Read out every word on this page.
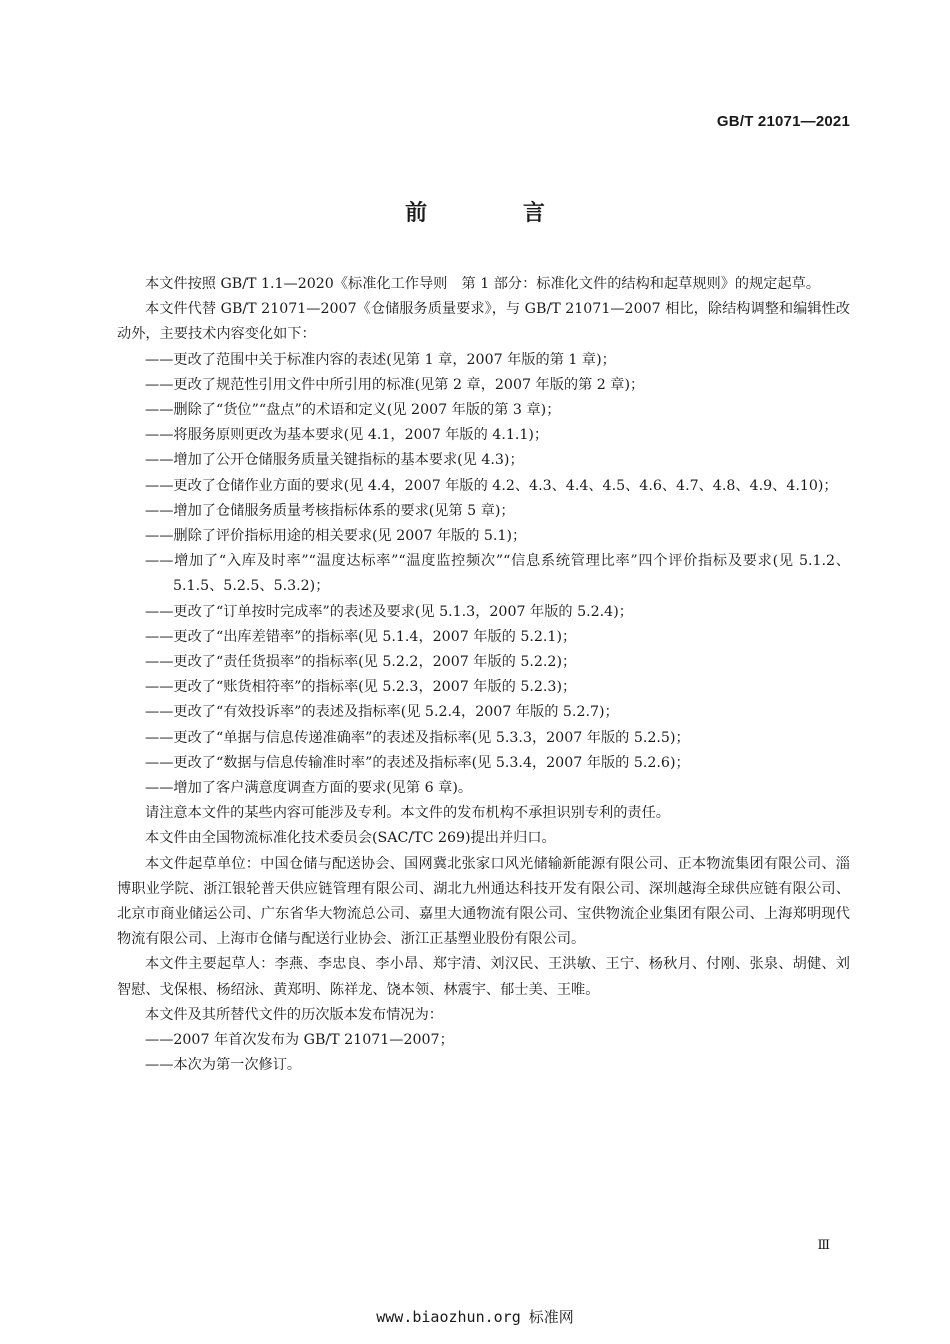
GB/T 21071—2021
前 言

本文件按照 GB/T 1.1—2020《标准化工作导则　第 1 部分：标准化文件的结构和起草规则》的规定起草。

本文件代替 GB/T 21071—2007《仓储服务质量要求》，与 GB/T 21071—2007 相比，除结构调整和编辑性改动外，主要技术内容变化如下：

——更改了范围中关于标准内容的表述(见第 1 章，2007 年版的第 1 章)；

——更改了规范性引用文件中所引用的标准(见第 2 章，2007 年版的第 2 章)；

——删除了“货位”“盘点”的术语和定义(见 2007 年版的第 3 章)；

——将服务原则更改为基本要求(见 4.1，2007 年版的 4.1.1)；

——增加了公开仓储服务质量关键指标的基本要求(见 4.3)；

——更改了仓储作业方面的要求(见 4.4，2007 年版的 4.2、4.3、4.4、4.5、4.6、4.7、4.8、4.9、4.10)；

——增加了仓储服务质量考核指标体系的要求(见第 5 章)；

——删除了评价指标用途的相关要求(见 2007 年版的 5.1)；

——增加了“入库及时率”“温度达标率”“温度监控频次”“信息系统管理比率”四个评价指标及要求(见 5.1.2、5.1.5、5.2.5、5.3.2)；

——更改了“订单按时完成率”的表述及要求(见 5.1.3，2007 年版的 5.2.4)；

——更改了“出库差错率”的指标率(见 5.1.4，2007 年版的 5.2.1)；

——更改了“责任货损率”的指标率(见 5.2.2，2007 年版的 5.2.2)；

——更改了“账货相符率”的指标率(见 5.2.3，2007 年版的 5.2.3)；

——更改了“有效投诉率”的表述及指标率(见 5.2.4，2007 年版的 5.2.7)；

——更改了“单据与信息传递准确率”的表述及指标率(见 5.3.3，2007 年版的 5.2.5)；

——更改了“数据与信息传输准时率”的表述及指标率(见 5.3.4，2007 年版的 5.2.6)；

——增加了客户满意度调查方面的要求(见第 6 章)。

请注意本文件的某些内容可能涉及专利。本文件的发布机构不承担识别专利的责任。

本文件由全国物流标准化技术委员会(SAC/TC 269)提出并归口。

本文件起草单位：中国仓储与配送协会、国网冀北张家口风光储输新能源有限公司、正本物流集团有限公司、淄博职业学院、浙江银轮普天供应链管理有限公司、湖北九州通达科技开发有限公司、深圳越海全球供应链有限公司、北京市商业储运公司、广东省华大物流总公司、嘉里大通物流有限公司、宝供物流企业集团有限公司、上海郑明现代物流有限公司、上海市仓储与配送行业协会、浙江正基塑业股份有限公司。

本文件主要起草人：李燕、李忠良、李小昂、郑宇清、刘汉民、王洪敏、王宁、杨秋月、付刚、张泉、胡健、刘智慰、戈保根、杨绍泳、黄郑明、陈祥龙、饶本领、林震宇、郁士美、王唯。

本文件及其所替代文件的历次版本发布情况为：

——2007 年首次发布为 GB/T 21071—2007；

——本次为第一次修订。

Ⅲ
www.biaozhun.org 标准网
